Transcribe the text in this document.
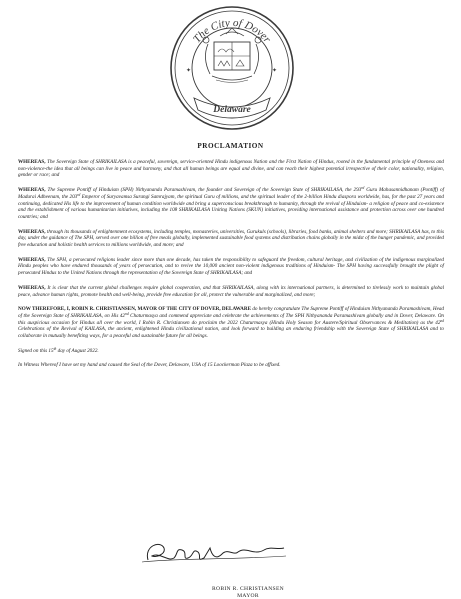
The City of Dover
Delaware
✦	✦
PROCLAMATION

WHEREAS, The Sovereign State of SHRIKAILASA is a peaceful, sovereign, service-oriented Hindu indigenous Nation and the First Nation of Hindus, rooted in the fundamental principle of Oneness and non-violence-the idea that all beings can live in peace and harmony, and that all human beings are equal and divine, and can reach their highest potential irrespective of their color, nationality, religion, gender or race; and

WHEREAS, The Supreme Pontiff of Hinduism (SPH) Nithyananda Paramashivam, the founder and Sovereign of the Sovereign State of SHRIKAILASA, the 293rd Guru Mahasannidhanam (Pontiff) of Madurai Adheenam, the 203rd Emperor of Suryavamsa Surangi Samrajyam, the spiritual Guru of millions, and the spiritual leader of the 2-billion Hindu diaspora worldwide, has, for the past 27 years and continuing, dedicated His life to the improvement of human condition worldwide and bring a superconscious breakthrough to humanity, through the revival of Hinduism- a religion of peace and co-existence and the establishment of various humanitarian initiatives, including the 108 SHRIKAILASA Uniting Nations (SKUN) initiatives, providing international assistance and protection across over one hundred countries; and

WHEREAS, through its thousands of enlightenment ecosystems, including temples, monasteries, universities, Gurukuls (schools), libraries, food banks, animal shelters and more; SHRIKAILASA has, to this day, under the guidance of The SPH, served over one billion of free meals globally, implemented sustainable food systems and distribution chains globally in the midst of the hunger pandemic, and provided free education and holistic health services to millions worldwide, and more; and

WHEREAS, The SPH, a persecuted religions leader since more than one decade, has taken the responsibility to safeguard the freedom, cultural heritage, and civilization of the indigenous marginalized Hindu peoples who have endured thousands of years of persecution, and to revive the 10,000 ancient non-violent indigenous traditions of Hinduism- The SPH having successfully brought the plight of persecuted Hindus to the United Nations through the representation of the Sovereign State of SHRIKAILASA; and

WHEREAS, It is clear that the current global challenges require global cooperation, and that SHRIKAILASA, along with its international partners, is determined to tirelessly work to maintain global peace, advance human rights, promote health and well-being, provide free education for all, protect the vulnerable and marginalized, and more;

NOW THEREFORE, I, ROBIN R. CHRISTIANSEN, MAYOR OF THE CITY OF DOVER, DELAWARE do hereby congratulate The Supreme Pontiff of Hinduism Nithyananda Paramashivam, Head of the Sovereign State of SHRIKAILASA, on His 42nd Chaturmasya and commend appreciate and celebrate the achievements of The SPH Nithyananda Paramashivam globally and in Dover, Delaware. On this auspicious occasion for Hindus all over the world, I Robin R. Christiansen do proclaim the 2022 Chaturmasya (Hindu Holy Season for Austere/Spiritual Observances & Meditation) as the 42nd Celebrations of the Revival of KAILASA, the ancient, enlightened Hindu civilizational nation, and look forward to building an enduring friendship with the Sovereign State of SHRIKAILASA and to collaborate in mutually benefiting ways, for a peaceful and sustainable future for all beings.

Signed on this 15th day of August 2022.

In Witness Whereof I have set my hand and caused the Seal of the Dover, Delaware, USA of 15 Loockerman Plaza to be affixed.

ROBIN R. CHRISTIANSEN
MAYOR
